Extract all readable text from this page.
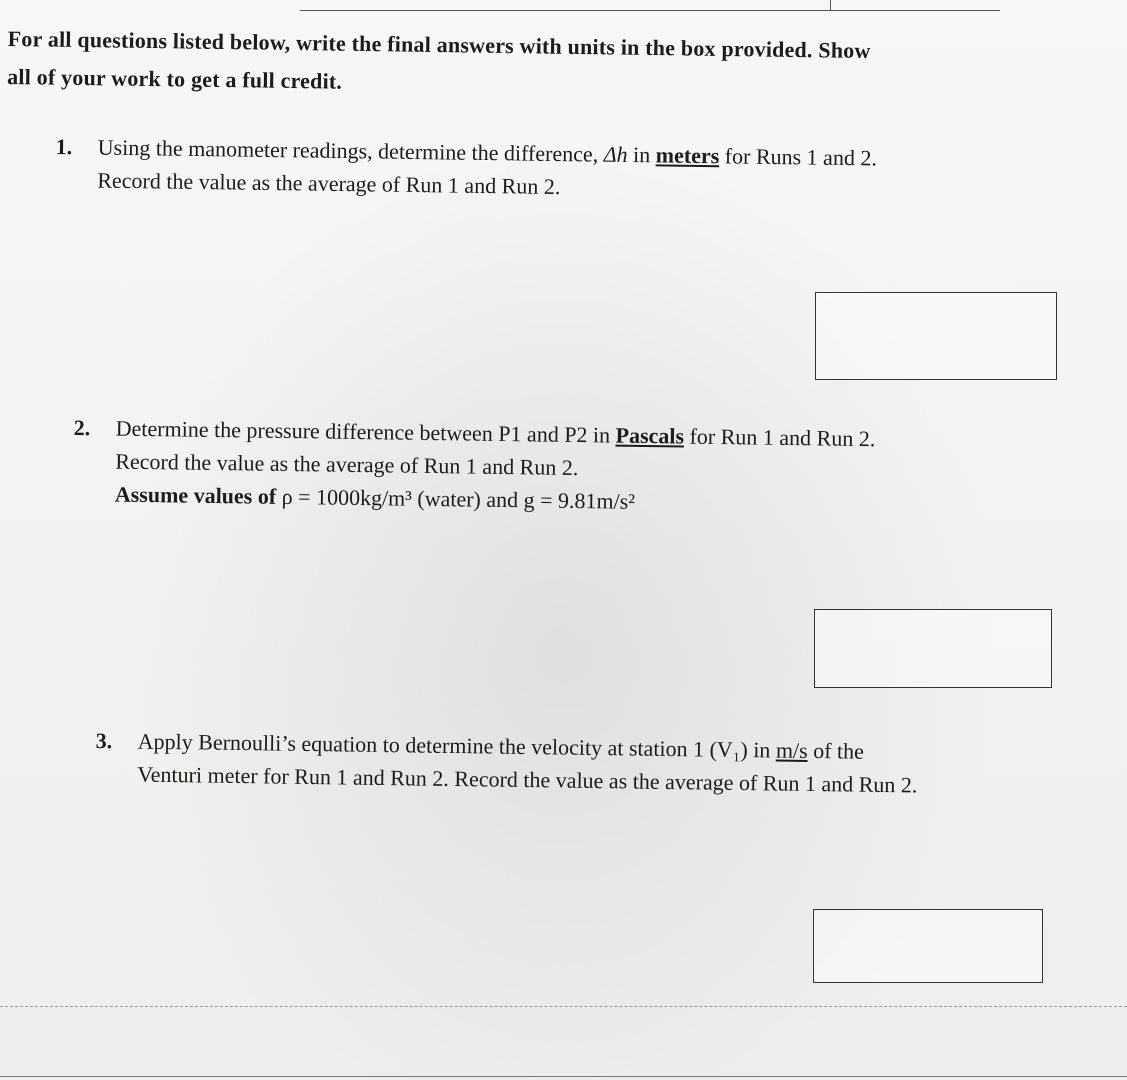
For all questions listed below, write the final answers with units in the box provided. Show
all of your work to get a full credit.
1. Using the manometer readings, determine the difference, Δh in meters for Runs 1 and 2.
Record the value as the average of Run 1 and Run 2.
2. Determine the pressure difference between P1 and P2 in Pascals for Run 1 and Run 2.
Record the value as the average of Run 1 and Run 2.
Assume values of ρ = 1000kg/m³ (water) and g = 9.81m/s²
3. Apply Bernoulli’s equation to determine the velocity at station 1 (V₁) in m/s of the
Venturi meter for Run 1 and Run 2. Record the value as the average of Run 1 and Run 2.
